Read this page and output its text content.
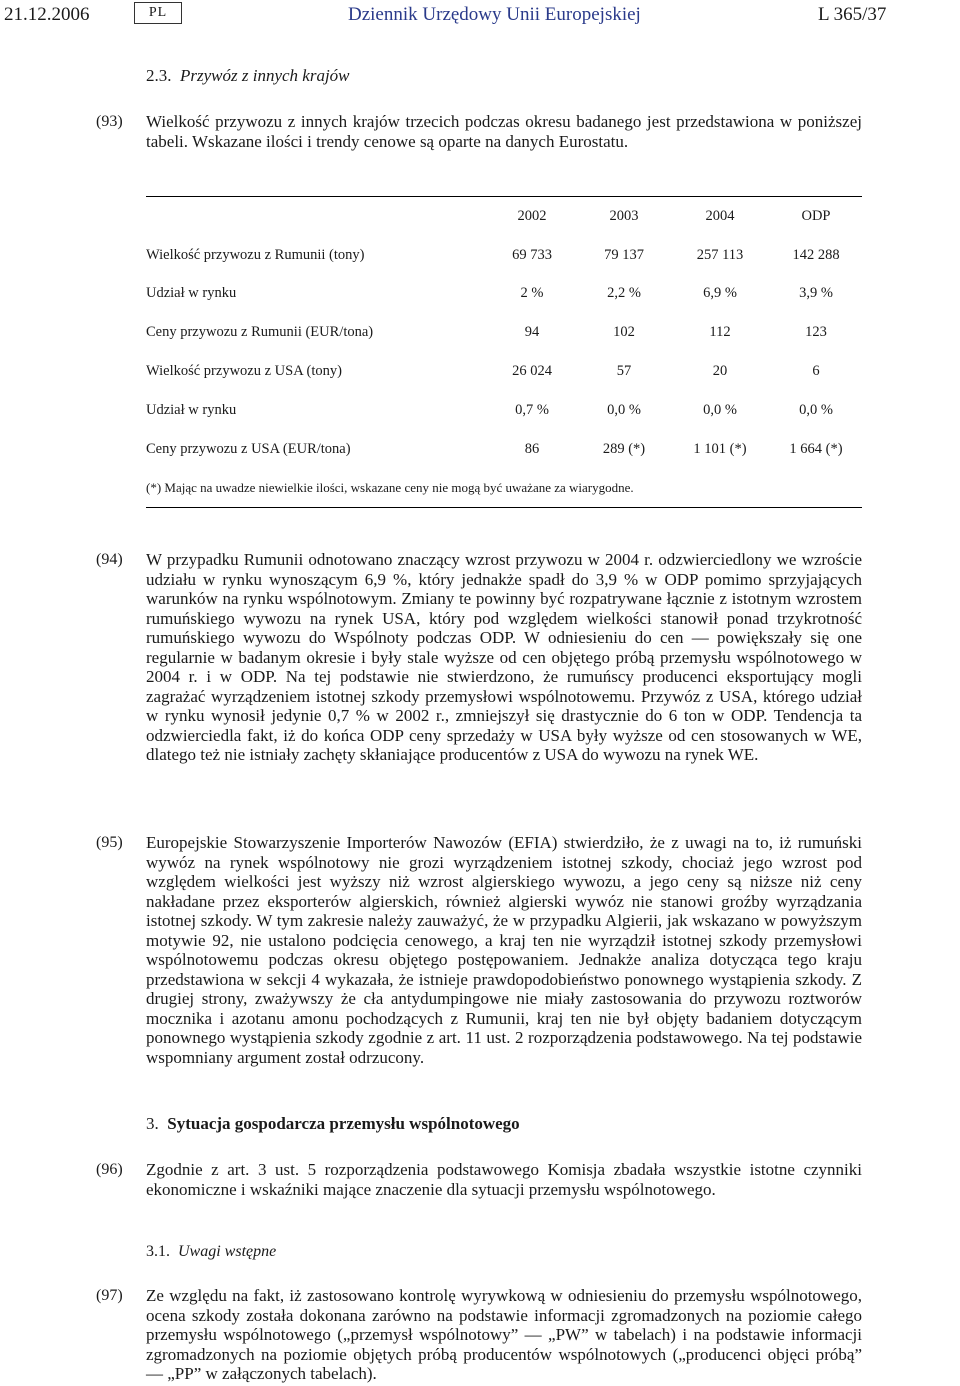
21.12.2006	PL	Dziennik Urzędowy Unii Europejskiej	L 365/37
2.3. Przywóz z innych krajów
(93) Wielkość przywozu z innych krajów trzecich podczas okresu badanego jest przedstawiona w poniższej tabeli. Wskazane ilości i trendy cenowe są oparte na danych Eurostatu.
	2002	2003	2004	ODP
Wielkość przywozu z Rumunii (tony)	69 733	79 137	257 113	142 288
Udział w rynku	2 %	2,2 %	6,9 %	3,9 %
Ceny przywozu z Rumunii (EUR/tona)	94	102	112	123
Wielkość przywozu z USA (tony)	26 024	57	20	6
Udział w rynku	0,7 %	0,0 %	0,0 %	0,0 %
Ceny przywozu z USA (EUR/tona)	86	289 (*)	1 101 (*)	1 664 (*)
(*) Mając na uwadze niewielkie ilości, wskazane ceny nie mogą być uważane za wiarygodne.				
(94) W przypadku Rumunii odnotowano znaczący wzrost przywozu w 2004 r. odzwierciedlony we wzroście udziału w rynku wynoszącym 6,9 %, który jednakże spadł do 3,9 % w ODP pomimo sprzyjających warunków na rynku wspólnotowym. Zmiany te powinny być rozpatrywane łącznie z istotnym wzrostem rumuńskiego wywozu na rynek USA, który pod względem wielkości stanowił ponad trzykrotność rumuńskiego wywozu do Wspólnoty podczas ODP. W odniesieniu do cen — powiększały się one regularnie w badanym okresie i były stale wyższe od cen objętego próbą przemysłu wspólnotowego w 2004 r. i w ODP. Na tej podstawie nie stwierdzono, że rumuńscy producenci eksportujący mogli zagrażać wyrządzeniem istotnej szkody przemysłowi wspólnotowemu. Przywóz z USA, którego udział w rynku wynosił jedynie 0,7 % w 2002 r., zmniejszył się drastycznie do 6 ton w ODP. Tendencja ta odzwierciedla fakt, iż do końca ODP ceny sprzedaży w USA były wyższe od cen stosowanych w WE, dlatego też nie istniały zachęty skłaniające producentów z USA do wywozu na rynek WE.
(95) Europejskie Stowarzyszenie Importerów Nawozów (EFIA) stwierdziło, że z uwagi na to, iż rumuński wywóz na rynek wspólnotowy nie grozi wyrządzeniem istotnej szkody, chociaż jego wzrost pod względem wielkości jest wyższy niż wzrost algierskiego wywozu, a jego ceny są niższe niż ceny nakładane przez eksporterów algierskich, również algierski wywóz nie stanowi groźby wyrządzania istotnej szkody. W tym zakresie należy zauważyć, że w przypadku Algierii, jak wskazano w powyższym motywie 92, nie ustalono podcięcia cenowego, a kraj ten nie wyrządził istotnej szkody przemysłowi wspólnotowemu podczas okresu objętego postępowaniem. Jednakże analiza dotycząca tego kraju przedstawiona w sekcji 4 wykazała, że istnieje prawdopodobieństwo ponownego wystąpienia szkody. Z drugiej strony, zważywszy że cła antydumpingowe nie miały zastosowania do przywozu roztworów mocznika i azotanu amonu pochodzących z Rumunii, kraj ten nie był objęty badaniem dotyczącym ponownego wystąpienia szkody zgodnie z art. 11 ust. 2 rozporządzenia podstawowego. Na tej podstawie wspomniany argument został odrzucony.
3. Sytuacja gospodarcza przemysłu wspólnotowego
(96) Zgodnie z art. 3 ust. 5 rozporządzenia podstawowego Komisja zbadała wszystkie istotne czynniki ekonomiczne i wskaźniki mające znaczenie dla sytuacji przemysłu wspólnotowego.
3.1. Uwagi wstępne
(97) Ze względu na fakt, iż zastosowano kontrolę wyrywkową w odniesieniu do przemysłu wspólnotowego, ocena szkody została dokonana zarówno na podstawie informacji zgromadzonych na poziomie całego przemysłu wspólnotowego („przemysł wspólnotowy” — „PW” w tabelach) i na podstawie informacji zgromadzonych na poziomie objętych próbą producentów wspólnotowych („producenci objęci próbą” — „PP” w załączonych tabelach).
